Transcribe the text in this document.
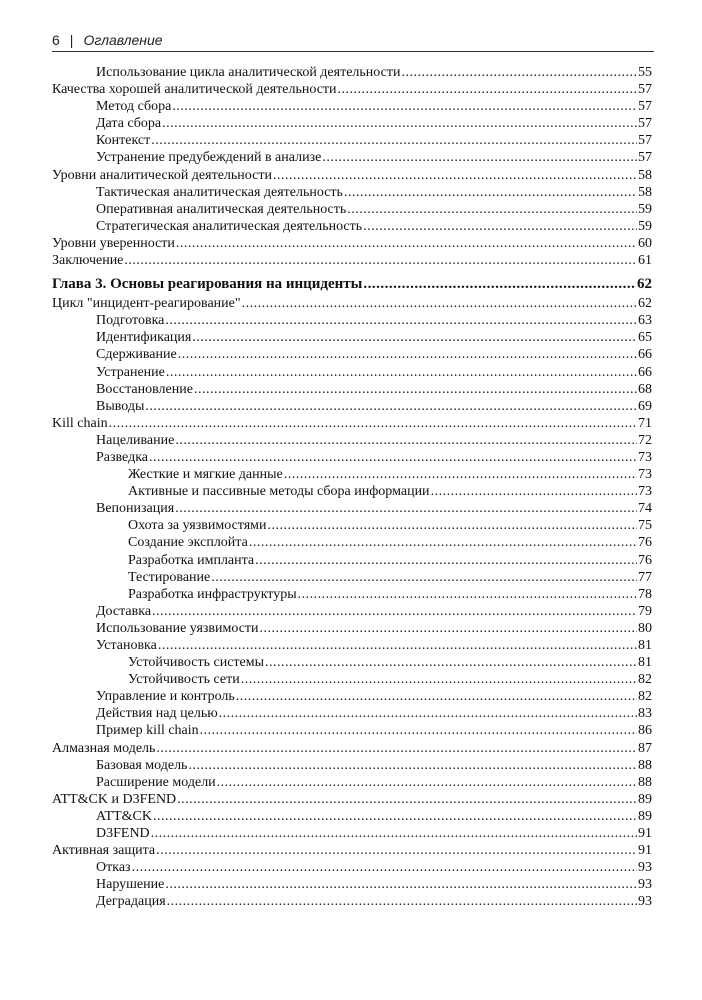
6 | Оглавление
Использование цикла аналитической деятельности .....	55
Качества хорошей аналитической деятельности .....	57
Метод сбора .....	57
Дата сбора .....	57
Контекст .....	57
Устранение предубеждений в анализе .....	57
Уровни аналитической деятельности .....	58
Тактическая аналитическая деятельность .....	58
Оперативная аналитическая деятельность .....	59
Стратегическая аналитическая деятельность .....	59
Уровни уверенности .....	60
Заключение .....	61
Глава 3. Основы реагирования на инциденты .....	62
Цикл "инцидент-реагирование" .....	62
Подготовка .....	63
Идентификация .....	65
Сдерживание .....	66
Устранение .....	66
Восстановление .....	68
Выводы .....	69
Kill chain .....	71
Нацеливание .....	72
Разведка .....	73
Жесткие и мягкие данные .....	73
Активные и пассивные методы сбора информации .....	73
Вепонизация .....	74
Охота за уязвимостями .....	75
Создание эксплойта .....	76
Разработка импланта .....	76
Тестирование .....	77
Разработка инфраструктуры .....	78
Доставка .....	79
Использование уязвимости .....	80
Установка .....	81
Устойчивость системы .....	81
Устойчивость сети .....	82
Управление и контроль .....	82
Действия над целью .....	83
Пример kill chain .....	86
Алмазная модель .....	87
Базовая модель .....	88
Расширение модели .....	88
ATT&CK и D3FEND .....	89
ATT&CK .....	89
D3FEND .....	91
Активная защита .....	91
Отказ .....	93
Нарушение .....	93
Деградация .....	93
